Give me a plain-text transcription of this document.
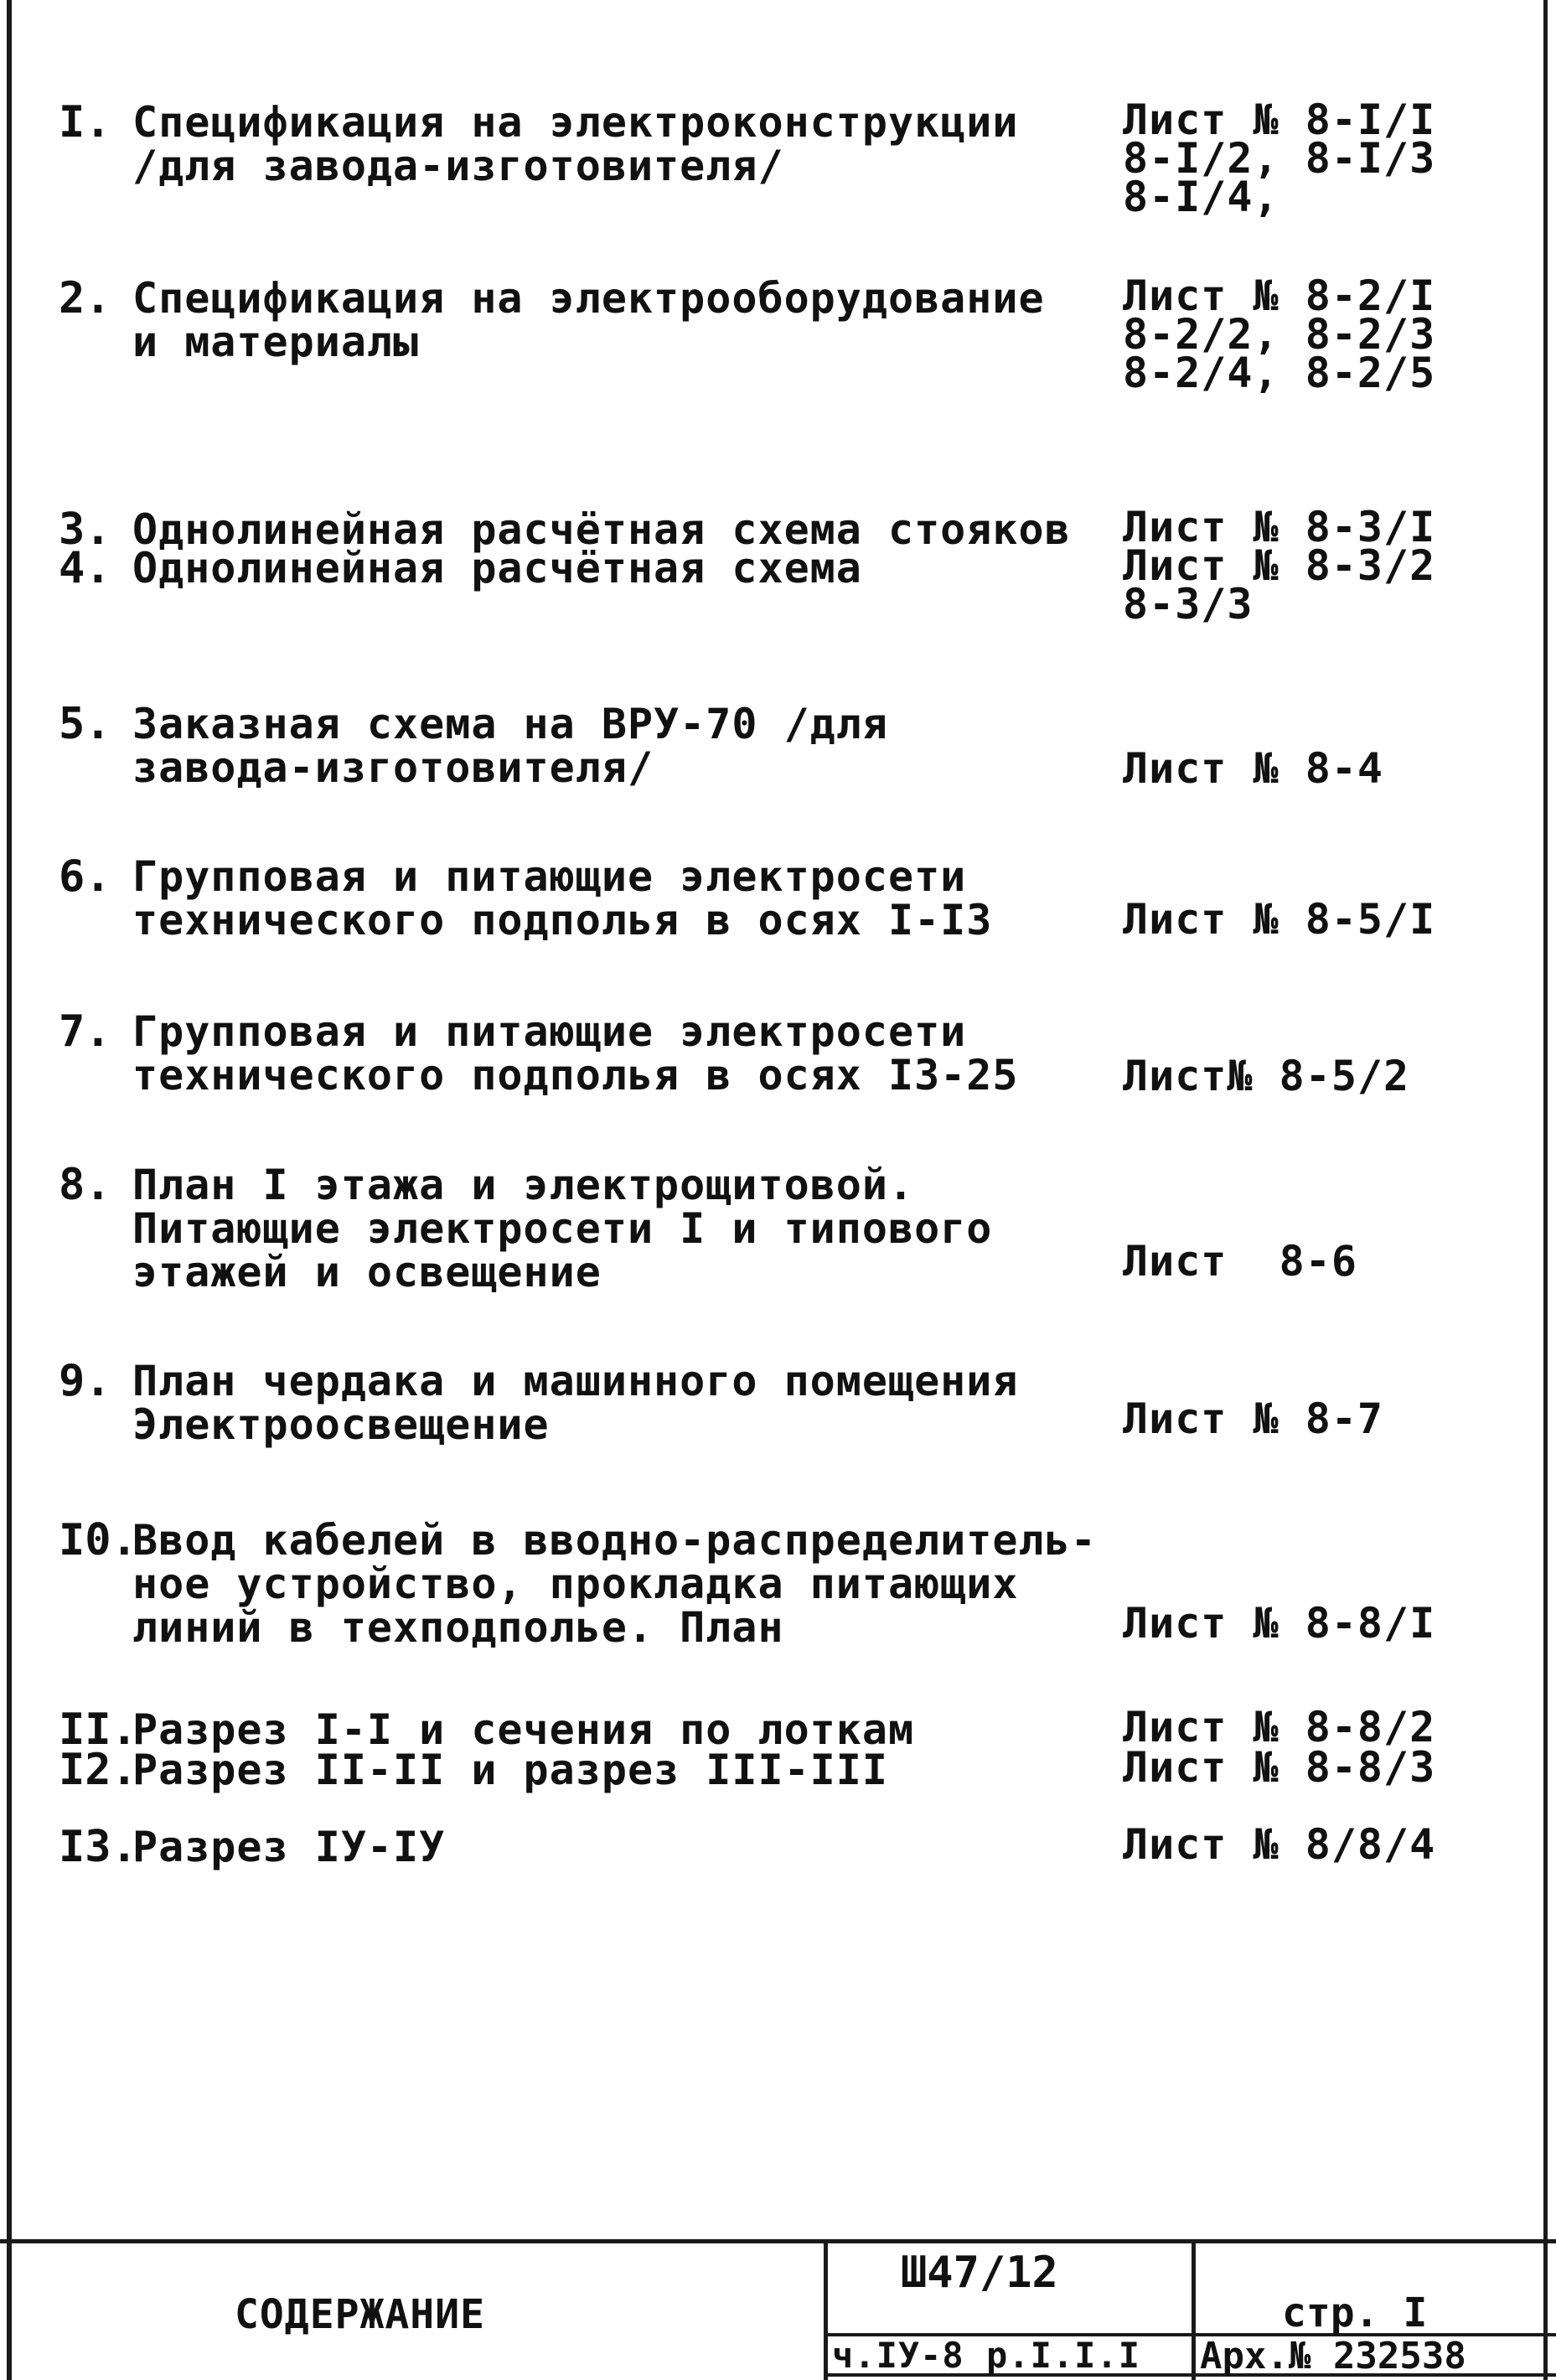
I. Спецификация на электроконструкции
/для завода-изготовителя/
Лист № 8-I/I
8-I/2, 8-I/3
8-I/4,
2. Спецификация на электрооборудование
и материалы
Лист № 8-2/I
8-2/2, 8-2/3
8-2/4, 8-2/5
3. Однолинейная расчётная схема стояков	Лист № 8-3/I
4. Однолинейная расчётная схема	Лист № 8-3/2
8-3/3
5. Заказная схема на ВРУ-70 /для
завода-изготовителя/	Лист № 8-4
6. Групповая и питающие электросети
технического подполья в осях I-I3	Лист № 8-5/I
7. Групповая и питающие электросети
технического подполья в осях I3-25	Лист№ 8-5/2
8. План I этажа и электрощитовой.
Питающие электросети I и типового
этажей и освещение	Лист  8-6
9. План чердака и машинного помещения
Электроосвещение	Лист № 8-7
I0.
Ввод кабелей в вводно-распределитель-
ное устройство, прокладка питающих
линий в техподполье. План	Лист № 8-8/I
II.
Разрез I-I и сечения по лоткам	Лист № 8-8/2
I2.
Разрез II-II и разрез III-III	Лист № 8-8/3
I3.
Разрез IУ-IУ	Лист № 8/8/4
СОДЕРЖАНИЕ
Ш47/12
ч.IУ-8 р.I.I.I
стр. I
Арх.№ 232538
